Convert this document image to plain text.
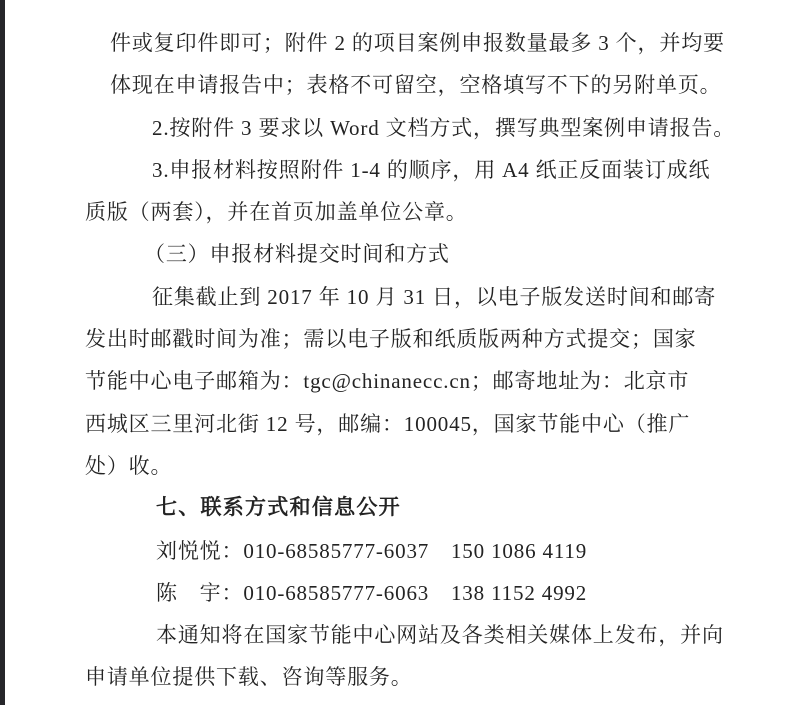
件或复印件即可；附件 2 的项目案例申报数量最多 3 个，并均要
体现在申请报告中；表格不可留空，空格填写不下的另附单页。
2.按附件 3 要求以 Word 文档方式，撰写典型案例申请报告。
3.申报材料按照附件 1-4 的顺序，用 A4 纸正反面装订成纸
质版（两套），并在首页加盖单位公章。
（三）申报材料提交时间和方式
征集截止到 2017 年 10 月 31 日，以电子版发送时间和邮寄
发出时邮戳时间为准；需以电子版和纸质版两种方式提交；国家
节能中心电子邮箱为：tgc@chinanecc.cn；邮寄地址为：北京市
西城区三里河北街 12 号，邮编：100045，国家节能中心（推广
处）收。
七、联系方式和信息公开
刘悦悦：010-68585777-6037　150 1086 4119
陈　宇：010-68585777-6063　138 1152 4992
本通知将在国家节能中心网站及各类相关媒体上发布，并向
申请单位提供下载、咨询等服务。
